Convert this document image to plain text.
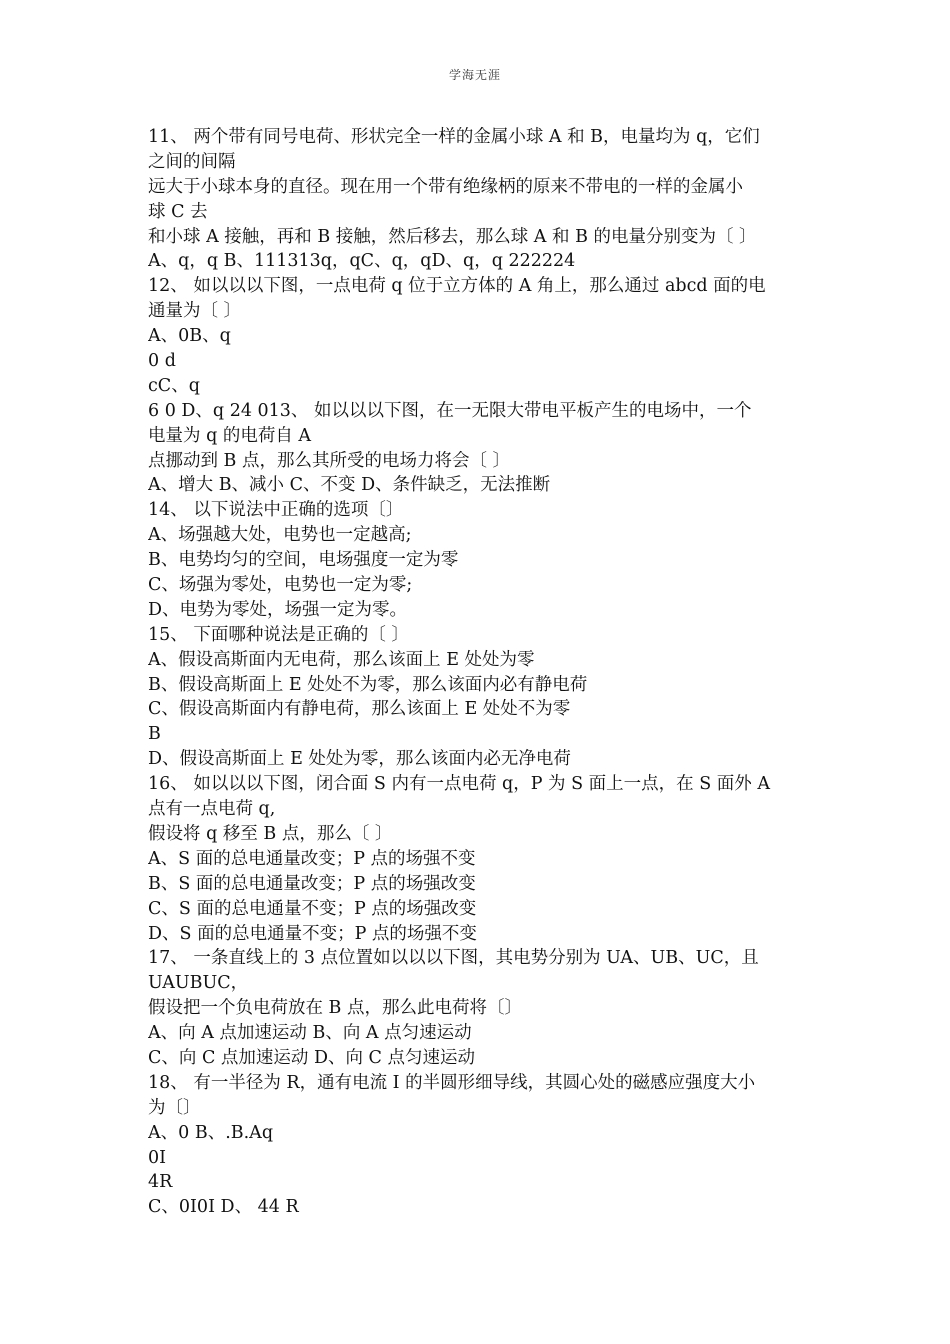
学海无涯
11、 两个带有同号电荷、形状完全一样的金属小球 A 和 B，电量均为 q，它们
之间的间隔
远大于小球本身的直径。现在用一个带有绝缘柄的原来不带电的一样的金属小
球 C 去
和小球 A 接触，再和 B 接触，然后移去，那么球 A 和 B 的电量分别变为〔 〕
A、q，q B、111313q，qC、q，qD、q，q 222224
12、 如以以以下图，一点电荷 q 位于立方体的 A 角上，那么通过 abcd 面的电
通量为〔 〕
A、0B、q
0 d
cC、q
6 0 D、q 24 013、 如以以以下图，在一无限大带电平板产生的电场中，一个
电量为 q 的电荷自 A
点挪动到 B 点，那么其所受的电场力将会〔 〕
A、增大 B、减小 C、不变 D、条件缺乏，无法推断
14、 以下说法中正确的选项〔〕
A、场强越大处，电势也一定越高;
B、电势均匀的空间，电场强度一定为零
C、场强为零处，电势也一定为零;
D、电势为零处，场强一定为零。
15、 下面哪种说法是正确的〔 〕
A、假设高斯面内无电荷，那么该面上 E 处处为零
B、假设高斯面上 E 处处不为零，那么该面内必有静电荷
C、假设高斯面内有静电荷，那么该面上 E 处处不为零
B
D、假设高斯面上 E 处处为零，那么该面内必无净电荷
16、 如以以以下图，闭合面 S 内有一点电荷 q，P 为 S 面上一点，在 S 面外 A
点有一点电荷 q,
假设将 q 移至 B 点，那么〔 〕
A、S 面的总电通量改变；P 点的场强不变
B、S 面的总电通量改变；P 点的场强改变
C、S 面的总电通量不变；P 点的场强改变
D、S 面的总电通量不变；P 点的场强不变
17、 一条直线上的 3 点位置如以以以下图，其电势分别为 UA、UB、UC，且
UAUBUC，
假设把一个负电荷放在 B 点，那么此电荷将〔〕
A、向 A 点加速运动 B、向 A 点匀速运动
C、向 C 点加速运动 D、向 C 点匀速运动
18、 有一半径为 R，通有电流 I 的半圆形细导线，其圆心处的磁感应强度大小
为〔〕
A、0 B、.B.Aq
0I
4R
C、0I0I D、 44 R
